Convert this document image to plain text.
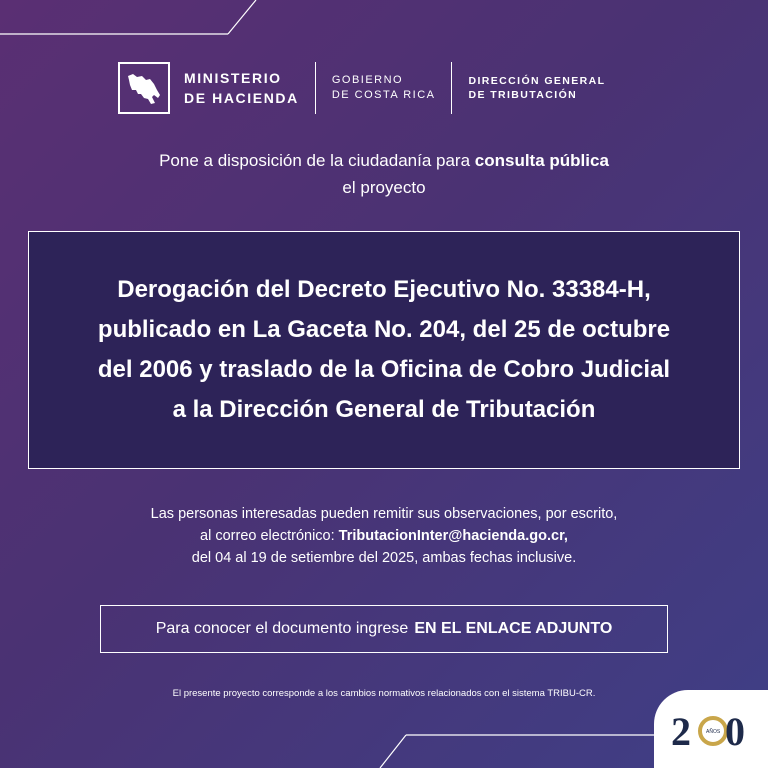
MINISTERIO
DE HACIENDA
GOBIERNO
DE COSTA RICA
DIRECCIÓN GENERAL
DE TRIBUTACIÓN
Pone a disposición de la ciudadanía para consulta pública
el proyecto
Derogación del Decreto Ejecutivo No. 33384-H,
publicado en La Gaceta No. 204, del 25 de octubre
del 2006 y traslado de la Oficina de Cobro Judicial
a la Dirección General de Tributación
Las personas interesadas pueden remitir sus observaciones, por escrito,
al correo electrónico: TributacionInter@hacienda.go.cr,
del 04 al 19 de setiembre del 2025, ambas fechas inclusive.
Para conocer el documento ingrese EN EL ENLACE ADJUNTO
El presente proyecto corresponde a los cambios normativos relacionados con el sistema TRIBU-CR.
2	AÑOS 0
